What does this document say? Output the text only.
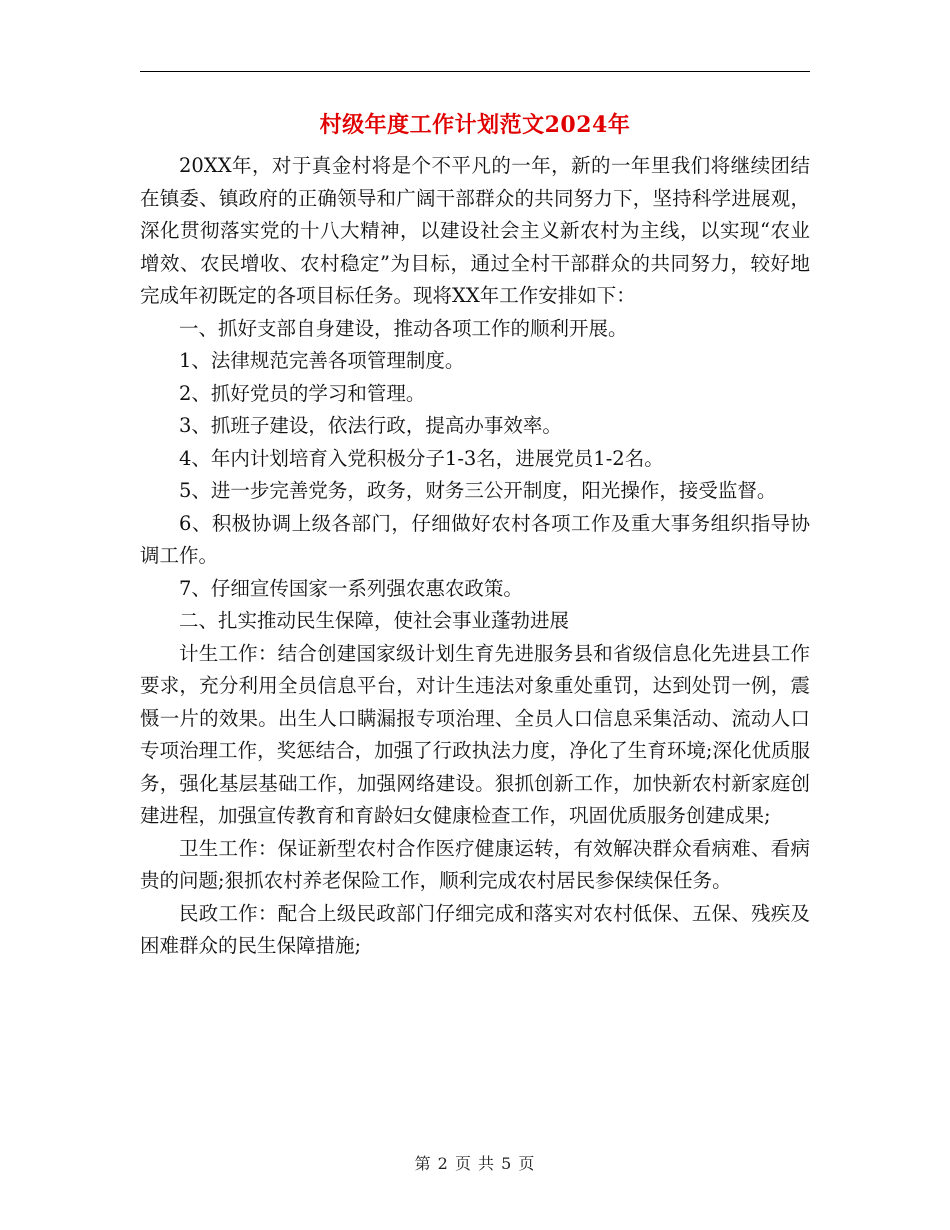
村级年度工作计划范文2024年

20XX年，对于真金村将是个不平凡的一年，新的一年里我们将继续团结在镇委、镇政府的正确领导和广阔干部群众的共同努力下，坚持科学进展观，深化贯彻落实党的十八大精神，以建设社会主义新农村为主线，以实现“农业增效、农民增收、农村稳定”为目标，通过全村干部群众的共同努力，较好地完成年初既定的各项目标任务。现将XX年工作安排如下：

一、抓好支部自身建设，推动各项工作的顺利开展。

1、法律规范完善各项管理制度。

2、抓好党员的学习和管理。

3、抓班子建设，依法行政，提高办事效率。

4、年内计划培育入党积极分子1-3名，进展党员1-2名。

5、进一步完善党务，政务，财务三公开制度，阳光操作，接受监督。

6、积极协调上级各部门，仔细做好农村各项工作及重大事务组织指导协调工作。

7、仔细宣传国家一系列强农惠农政策。

二、扎实推动民生保障，使社会事业蓬勃进展

计生工作：结合创建国家级计划生育先进服务县和省级信息化先进县工作要求，充分利用全员信息平台，对计生违法对象重处重罚，达到处罚一例，震慑一片的效果。出生人口瞒漏报专项治理、全员人口信息采集活动、流动人口专项治理工作，奖惩结合，加强了行政执法力度，净化了生育环境;深化优质服务，强化基层基础工作，加强网络建设。狠抓创新工作，加快新农村新家庭创建进程，加强宣传教育和育龄妇女健康检查工作，巩固优质服务创建成果;

卫生工作：保证新型农村合作医疗健康运转，有效解决群众看病难、看病贵的问题;狠抓农村养老保险工作，顺利完成农村居民参保续保任务。

民政工作：配合上级民政部门仔细完成和落实对农村低保、五保、残疾及困难群众的民生保障措施;

第 2 页 共 5 页
